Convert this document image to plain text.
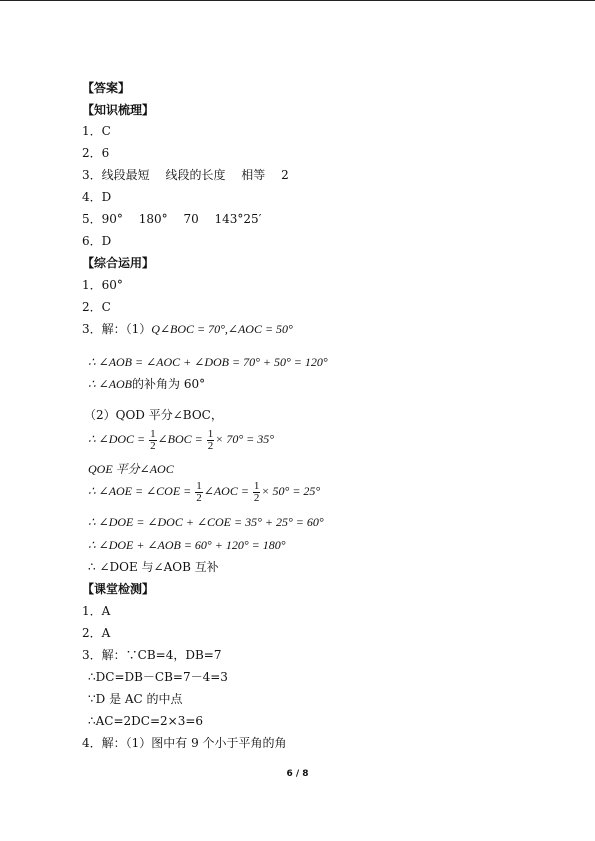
【答案】
【知识梳理】
1．C
2．6
3．线段最短　 线段的长度　 相等　 2
4．D
5．90°　 180°　 70　 143°25′
6．D
【综合运用】
1．60°
2．C
3．解：（1）Q∠BOC = 70°,∠AOC = 50°
∴ ∠AOB = ∠AOC + ∠DOB = 70° + 50° = 120°
∴ ∠AOB的补角为 60°
（2）QOD 平分∠BOC，
∴ ∠DOC = $\frac{1}{2}$ ∠BOC = $\frac{1}{2} \times 70^\circ = 35^\circ$
QOE 平分∠AOC
∴ ∠AOE = ∠COE = $\frac{1}{2}$ ∠AOC = $\frac{1}{2} \times 50^\circ = 25^\circ$
∴ ∠DOE = ∠DOC + ∠COE = 35° + 25° = 60°
∴ ∠DOE + ∠AOB = 60° + 120° = 180°
∴ ∠DOE 与∠AOB 互补
【课堂检测】
1．A
2．A
3．解：∵CB=4，DB=7
∴DC=DB－CB=7－4=3
∵D 是 AC 的中点
∴AC=2DC=2×3=6
4．解：（1）图中有 9 个小于平角的角
6 / 8
